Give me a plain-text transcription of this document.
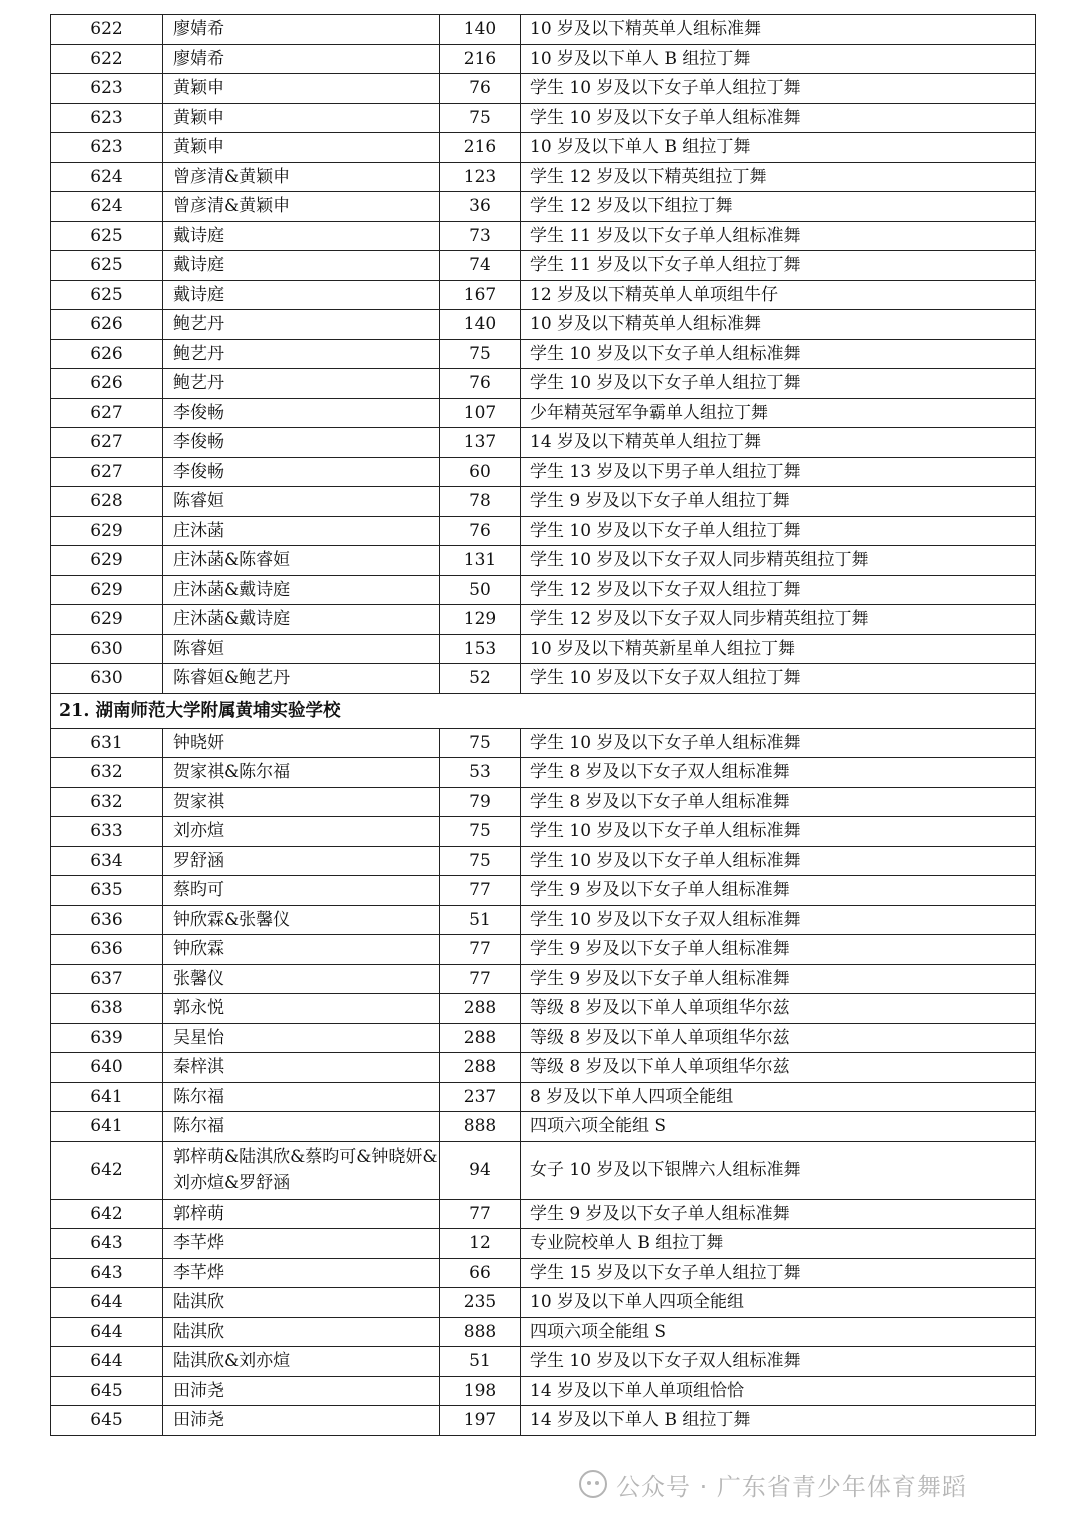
622	廖婧希	140	10 岁及以下精英单人组标准舞
622	廖婧希	216	10 岁及以下单人 B 组拉丁舞
623	黄颖申	76	学生 10 岁及以下女子单人组拉丁舞
623	黄颖申	75	学生 10 岁及以下女子单人组标准舞
623	黄颖申	216	10 岁及以下单人 B 组拉丁舞
624	曾彦清&黄颖申	123	学生 12 岁及以下精英组拉丁舞
624	曾彦清&黄颖申	36	学生 12 岁及以下组拉丁舞
625	戴诗庭	73	学生 11 岁及以下女子单人组标准舞
625	戴诗庭	74	学生 11 岁及以下女子单人组拉丁舞
625	戴诗庭	167	12 岁及以下精英单人单项组牛仔
626	鲍艺丹	140	10 岁及以下精英单人组标准舞
626	鲍艺丹	75	学生 10 岁及以下女子单人组标准舞
626	鲍艺丹	76	学生 10 岁及以下女子单人组拉丁舞
627	李俊畅	107	少年精英冠军争霸单人组拉丁舞
627	李俊畅	137	14 岁及以下精英单人组拉丁舞
627	李俊畅	60	学生 13 岁及以下男子单人组拉丁舞
628	陈睿姮	78	学生 9 岁及以下女子单人组拉丁舞
629	庄沐菡	76	学生 10 岁及以下女子单人组拉丁舞
629	庄沐菡&陈睿姮	131	学生 10 岁及以下女子双人同步精英组拉丁舞
629	庄沐菡&戴诗庭	50	学生 12 岁及以下女子双人组拉丁舞
629	庄沐菡&戴诗庭	129	学生 12 岁及以下女子双人同步精英组拉丁舞
630	陈睿姮	153	10 岁及以下精英新星单人组拉丁舞
630	陈睿姮&鲍艺丹	52	学生 10 岁及以下女子双人组拉丁舞
21. 湖南师范大学附属黄埔实验学校			
631	钟晓妍	75	学生 10 岁及以下女子单人组标准舞
632	贺家祺&陈尔福	53	学生 8 岁及以下女子双人组标准舞
632	贺家祺	79	学生 8 岁及以下女子单人组标准舞
633	刘亦煊	75	学生 10 岁及以下女子单人组标准舞
634	罗舒涵	75	学生 10 岁及以下女子单人组标准舞
635	蔡昀可	77	学生 9 岁及以下女子单人组标准舞
636	钟欣霖&张馨仪	51	学生 10 岁及以下女子双人组标准舞
636	钟欣霖	77	学生 9 岁及以下女子单人组标准舞
637	张馨仪	77	学生 9 岁及以下女子单人组标准舞
638	郭永悦	288	等级 8 岁及以下单人单项组华尔兹
639	吴星怡	288	等级 8 岁及以下单人单项组华尔兹
640	秦梓淇	288	等级 8 岁及以下单人单项组华尔兹
641	陈尔福	237	8 岁及以下单人四项全能组
641	陈尔福	888	四项六项全能组 S
642	郭梓萌&陆淇欣&蔡昀可&钟晓妍&刘亦煊&罗舒涵	94	女子 10 岁及以下银牌六人组标准舞
642	郭梓萌	77	学生 9 岁及以下女子单人组标准舞
643	李芊烨	12	专业院校单人 B 组拉丁舞
643	李芊烨	66	学生 15 岁及以下女子单人组拉丁舞
644	陆淇欣	235	10 岁及以下单人四项全能组
644	陆淇欣	888	四项六项全能组 S
644	陆淇欣&刘亦煊	51	学生 10 岁及以下女子双人组标准舞
645	田沛尧	198	14 岁及以下单人单项组恰恰
645	田沛尧	197	14 岁及以下单人 B 组拉丁舞
公众号 · 广东省青少年体育舞蹈
